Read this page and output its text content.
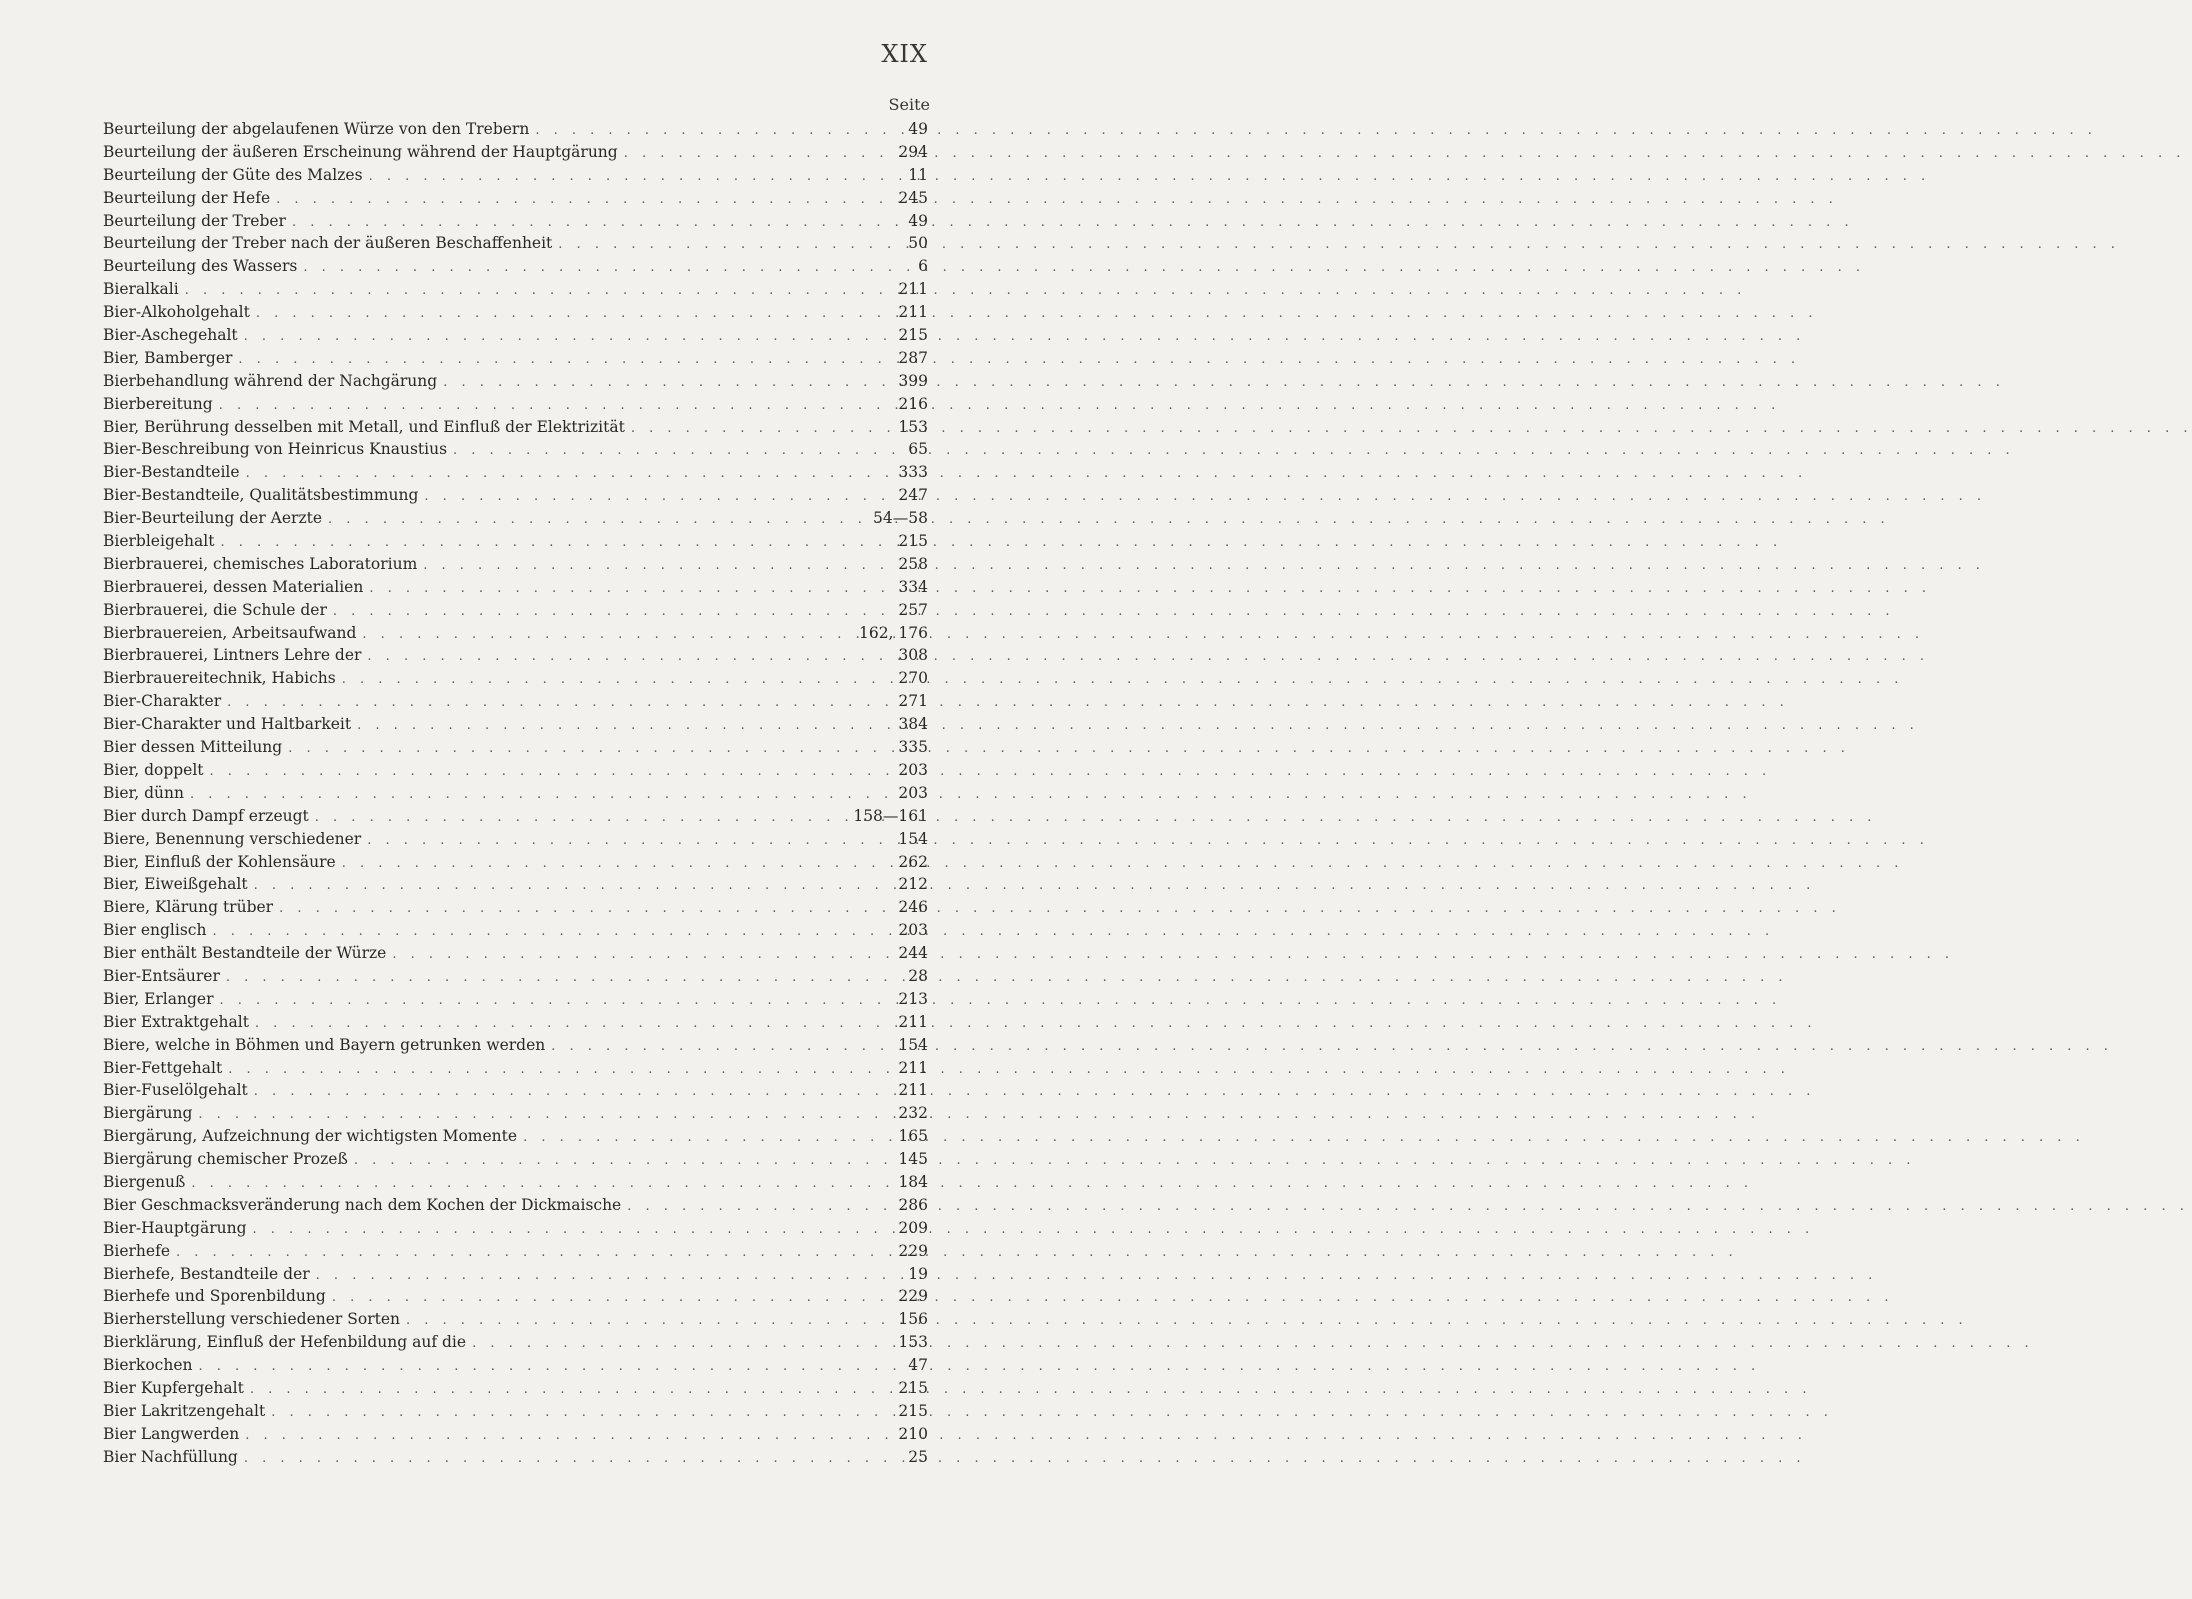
XIX
Seite
Beurteilung der abgelaufenen Würze von den Trebern . . .	49
Beurteilung der äußeren Erscheinung während der Hauptgärung . . .	294
Beurteilung der Güte des Malzes . . .	11
Beurteilung der Hefe . . .	245
Beurteilung der Treber . . .	49
Beurteilung der Treber nach der äußeren Beschaffenheit . . .	50
Beurteilung des Wassers . . .	6
Bieralkali . . .	211
Bier-Alkoholgehalt . . .	211
Bier-Aschegehalt . . .	215
Bier, Bamberger . . .	287
Bierbehandlung während der Nachgärung . . .	399
Bierbereitung . . .	216
Bier, Berührung desselben mit Metall, und Einfluß der Elektrizität . . .	153
Bier-Beschreibung von Heinricus Knaustius . . .	65
Bier-Bestandteile . . .	333
Bier-Bestandteile, Qualitätsbestimmung . . .	247
Bier-Beurteilung der Aerzte . . .	54—58
Bierbleigehalt . . .	215
Bierbrauerei, chemisches Laboratorium . . .	258
Bierbrauerei, dessen Materialien . . .	334
Bierbrauerei, die Schule der . . .	257
Bierbrauereien, Arbeitsaufwand . . .	162, 176
Bierbrauerei, Lintners Lehre der . . .	308
Bierbrauereitechnik, Habichs . . .	270
Bier-Charakter . . .	271
Bier-Charakter und Haltbarkeit . . .	384
Bier dessen Mitteilung . . .	335
Bier, doppelt . . .	203
Bier, dünn . . .	203
Bier durch Dampf erzeugt . . .	158—161
Biere, Benennung verschiedener . . .	154
Bier, Einfluß der Kohlensäure . . .	262
Bier, Eiweißgehalt . . .	212
Biere, Klärung trüber . . .	246
Bier englisch . . .	203
Bier enthält Bestandteile der Würze . . .	244
Bier-Entsäurer . . .	28
Bier, Erlanger . . .	213
Bier Extraktgehalt . . .	211
Biere, welche in Böhmen und Bayern getrunken werden . . .	154
Bier-Fettgehalt . . .	211
Bier-Fuselölgehalt . . .	211
Biergärung . . .	232
Biergärung, Aufzeichnung der wichtigsten Momente . . .	165
Biergärung chemischer Prozeß . . .	145
Biergenuß . . .	184
Bier Geschmacksveränderung nach dem Kochen der Dickmaische . . .	286
Bier-Hauptgärung . . .	209
Bierhefe . . .	229
Bierhefe, Bestandteile der . . .	19
Bierhefe und Sporenbildung . . .	229
Bierherstellung verschiedener Sorten . . .	156
Bierklärung, Einfluß der Hefenbildung auf die . . .	153
Bierkochen . . .	47
Bier Kupfergehalt . . .	215
Bier Lakritzengehalt . . .	215
Bier Langwerden . . .	210
Bier Nachfüllung . . .	25
